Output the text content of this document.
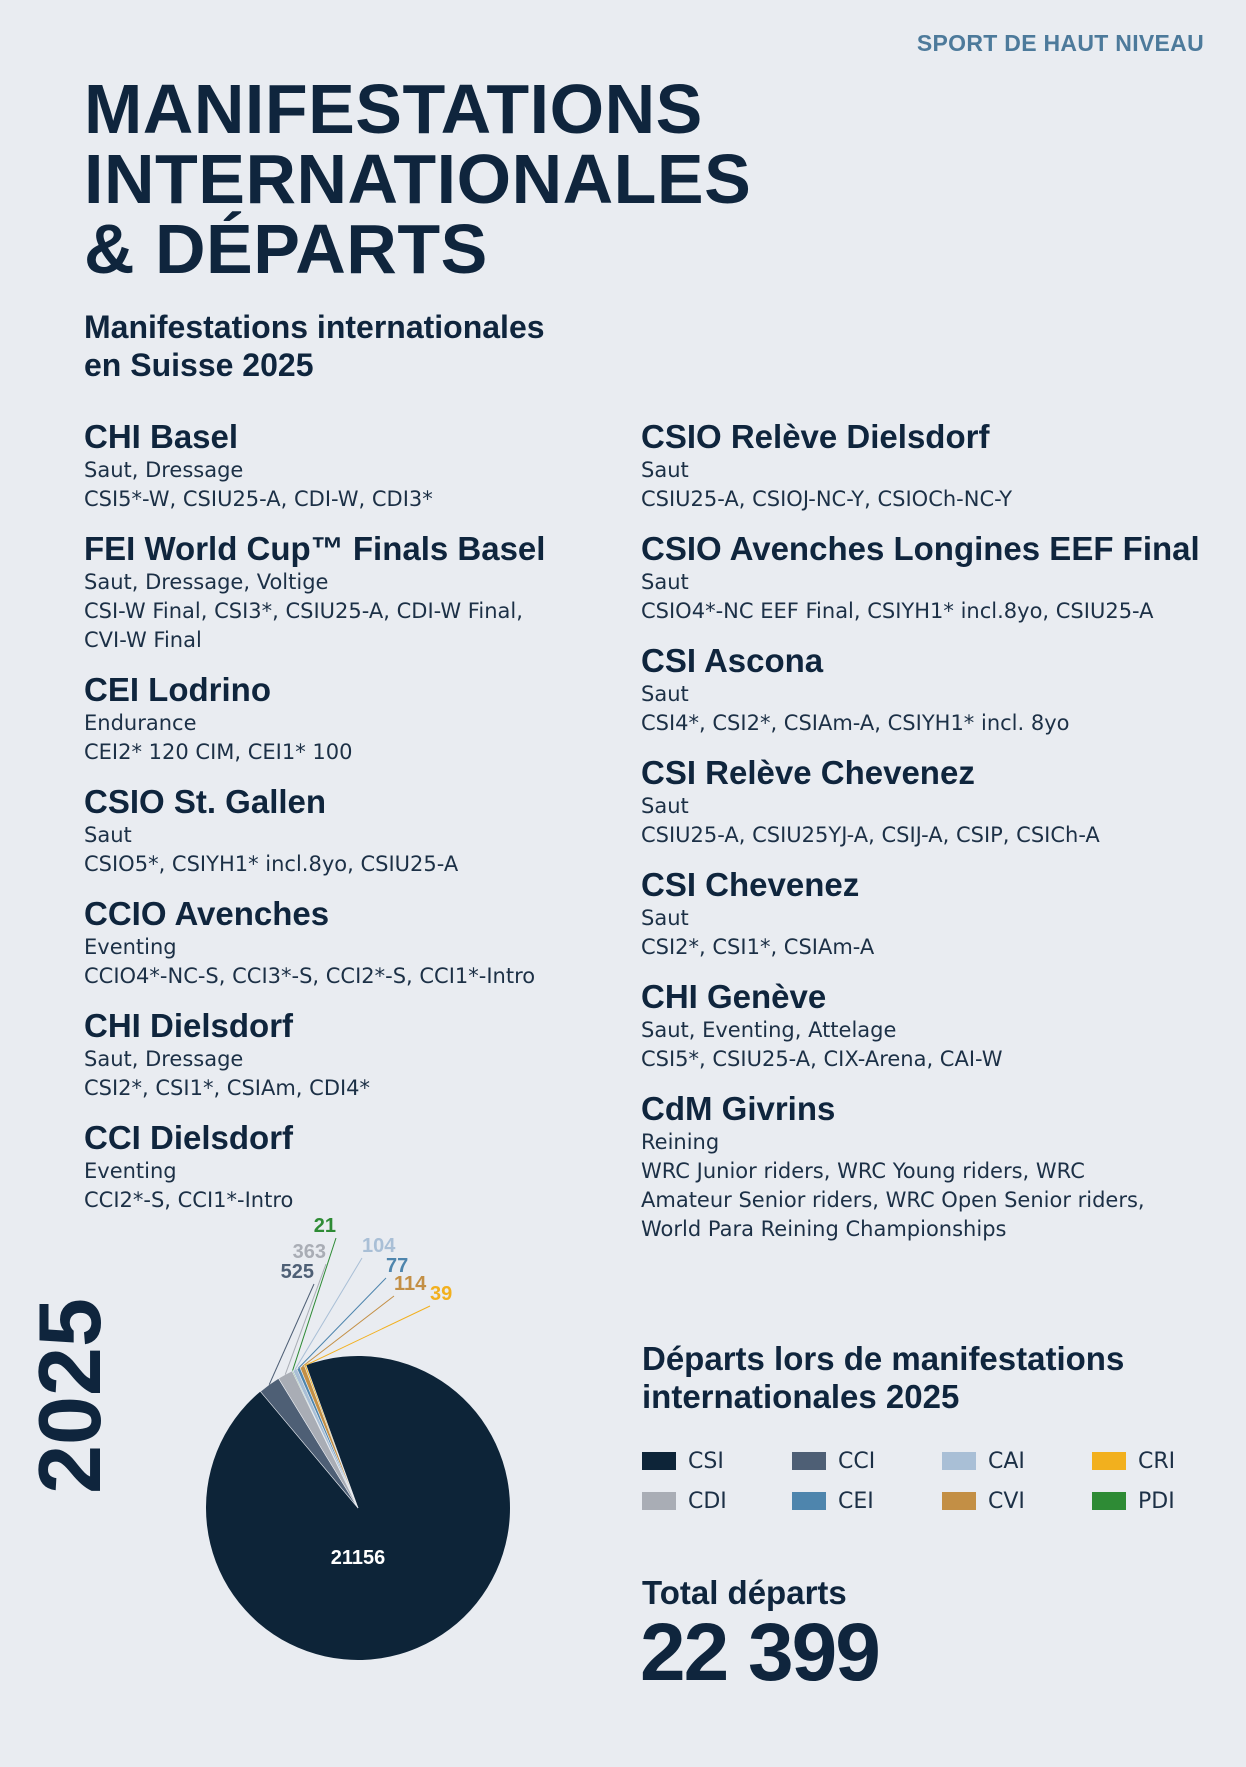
SPORT DE HAUT NIVEAU
MANIFESTATIONS
INTERNATIONALES
& DÉPARTS
Manifestations internationales
en Suisse 2025
CHI Basel
Saut, Dressage
CSI5*-W, CSIU25-A, CDI-W, CDI3*
FEI World Cup™ Finals Basel
Saut, Dressage, Voltige
CSI-W Final, CSI3*, CSIU25-A, CDI-W Final,
CVI-W Final
CEI Lodrino
Endurance
CEI2* 120 CIM, CEI1* 100
CSIO St. Gallen
Saut
CSIO5*, CSIYH1* incl.8yo, CSIU25-A
CCIO Avenches
Eventing
CCIO4*-NC-S, CCI3*-S, CCI2*-S, CCI1*-Intro
CHI Dielsdorf
Saut, Dressage
CSI2*, CSI1*, CSIAm, CDI4*
CCI Dielsdorf
Eventing
CCI2*-S, CCI1*-Intro
CSIO Relève Dielsdorf
Saut
CSIU25-A, CSIOJ-NC-Y, CSIOCh-NC-Y
CSIO Avenches Longines EEF Final
Saut
CSIO4*-NC EEF Final, CSIYH1* incl.8yo, CSIU25-A
CSI Ascona
Saut
CSI4*, CSI2*, CSIAm-A, CSIYH1* incl. 8yo
CSI Relève Chevenez
Saut
CSIU25-A, CSIU25YJ-A, CSIJ-A, CSIP, CSICh-A
CSI Chevenez
Saut
CSI2*, CSI1*, CSIAm-A
CHI Genève
Saut, Eventing, Attelage
CSI5*, CSIU25-A, CIX-Arena, CAI-W
CdM Givrins
Reining
WRC Junior riders, WRC Young riders, WRC
Amateur Senior riders, WRC Open Senior riders,
World Para Reining Championships
2025
21156
525
363
21
104
77
114 39
Départs lors de manifestations
internationales 2025
CSI	CCI	CAI	CRI
CDI	CEI	CVI	PDI
Total départs
22 399
